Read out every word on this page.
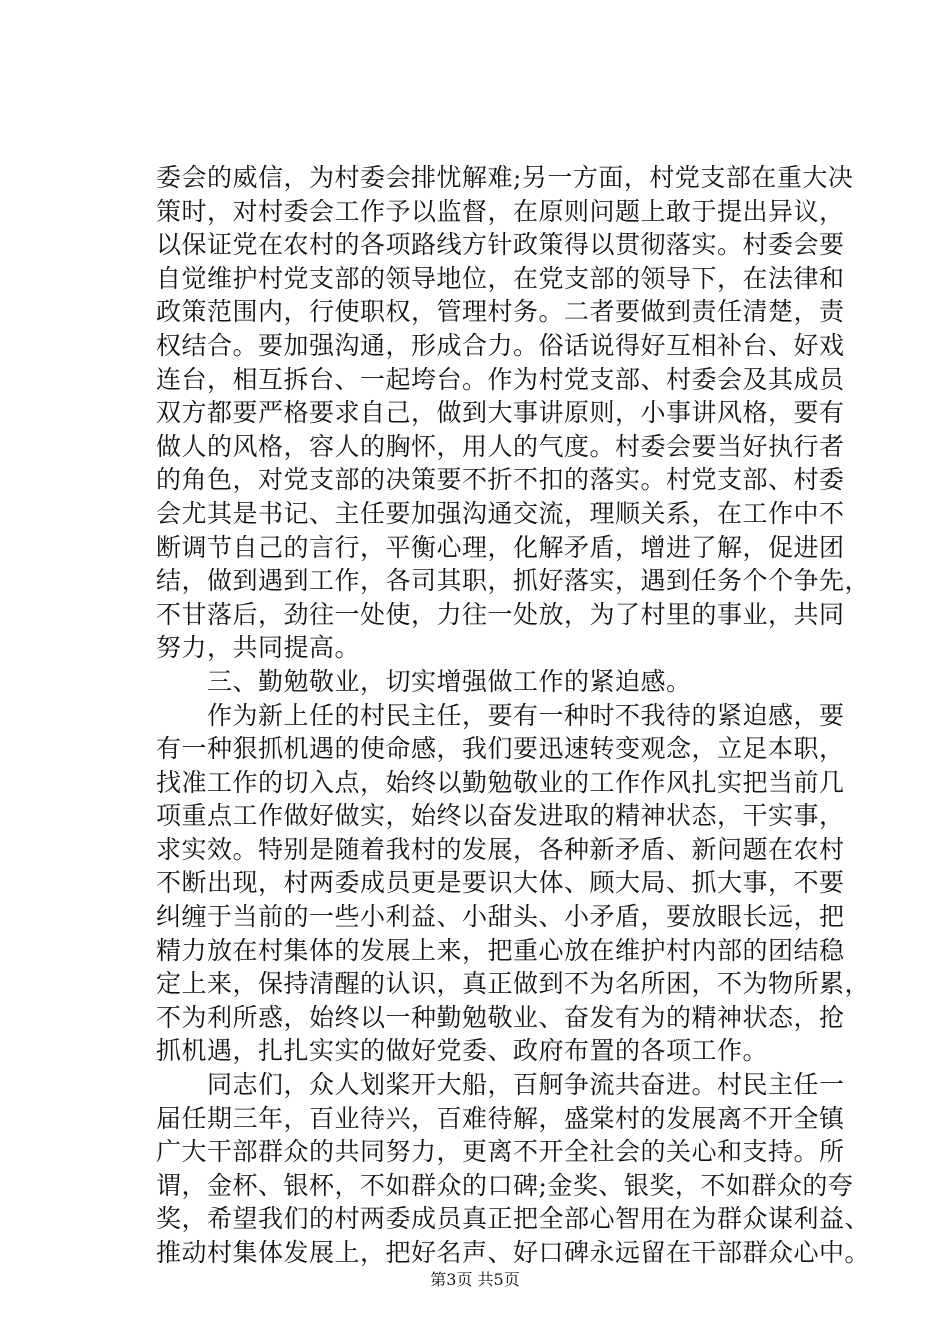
委会的威信，为村委会排忧解难;另一方面，村党支部在重大决
策时，对村委会工作予以监督，在原则问题上敢于提出异议，
以保证党在农村的各项路线方针政策得以贯彻落实。村委会要
自觉维护村党支部的领导地位，在党支部的领导下，在法律和
政策范围内，行使职权，管理村务。二者要做到责任清楚，责
权结合。要加强沟通，形成合力。俗话说得好互相补台、好戏
连台，相互拆台、一起垮台。作为村党支部、村委会及其成员
双方都要严格要求自己，做到大事讲原则，小事讲风格，要有
做人的风格，容人的胸怀，用人的气度。村委会要当好执行者
的角色，对党支部的决策要不折不扣的落实。村党支部、村委
会尤其是书记、主任要加强沟通交流，理顺关系，在工作中不
断调节自己的言行，平衡心理，化解矛盾，增进了解，促进团
结，做到遇到工作，各司其职，抓好落实，遇到任务个个争先，
不甘落后，劲往一处使，力往一处放，为了村里的事业，共同
努力，共同提高。
　　三、勤勉敬业，切实增强做工作的紧迫感。
　　作为新上任的村民主任，要有一种时不我待的紧迫感，要
有一种狠抓机遇的使命感，我们要迅速转变观念，立足本职，
找准工作的切入点，始终以勤勉敬业的工作作风扎实把当前几
项重点工作做好做实，始终以奋发进取的精神状态，干实事，
求实效。特别是随着我村的发展，各种新矛盾、新问题在农村
不断出现，村两委成员更是要识大体、顾大局、抓大事，不要
纠缠于当前的一些小利益、小甜头、小矛盾，要放眼长远，把
精力放在村集体的发展上来，把重心放在维护村内部的团结稳
定上来，保持清醒的认识，真正做到不为名所困，不为物所累，
不为利所惑，始终以一种勤勉敬业、奋发有为的精神状态，抢
抓机遇，扎扎实实的做好党委、政府布置的各项工作。
　　同志们，众人划桨开大船，百舸争流共奋进。村民主任一
届任期三年，百业待兴，百难待解，盛棠村的发展离不开全镇
广大干部群众的共同努力，更离不开全社会的关心和支持。所
谓，金杯、银杯，不如群众的口碑;金奖、银奖，不如群众的夸
奖，希望我们的村两委成员真正把全部心智用在为群众谋利益、
推动村集体发展上，把好名声、好口碑永远留在干部群众心中。
第3页 共5页
